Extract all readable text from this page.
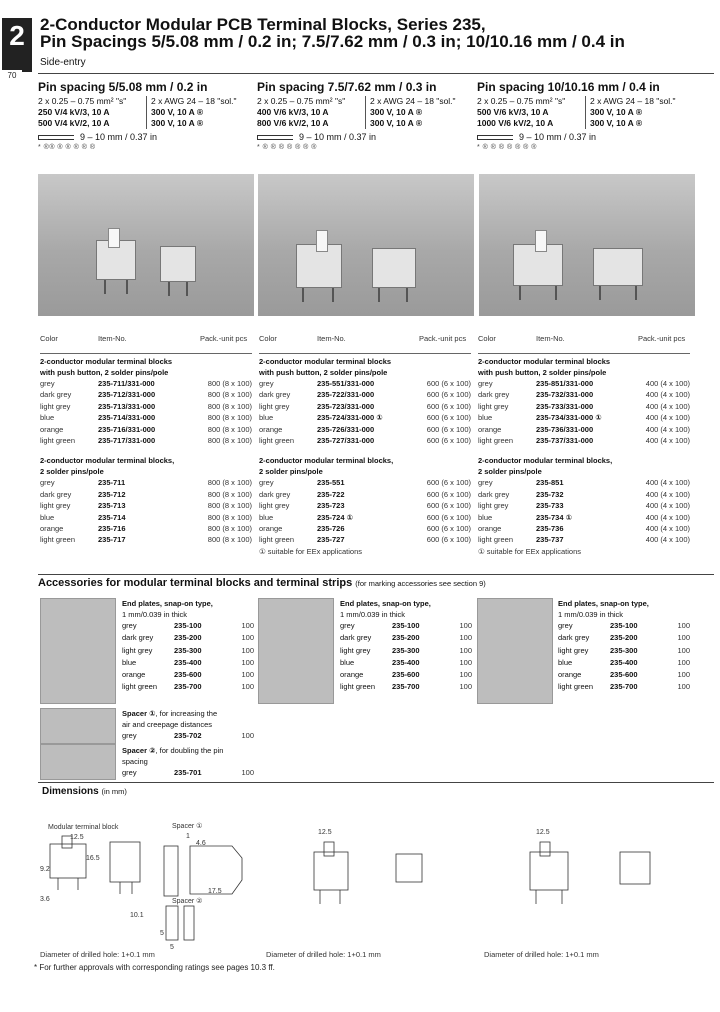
2
70
2-Conductor Modular PCB Terminal Blocks, Series 235,
Pin Spacings 5/5.08 mm / 0.2 in; 7.5/7.62 mm / 0.3 in; 10/10.16 mm / 0.4 in
Side-entry
Pin spacing 5/5.08 mm / 0.2 in
2 x 0.25 – 0.75 mm² "s"
250 V/4 kV/3, 10 A
500 V/4 kV/2, 10 A
2 x AWG 24 – 18 "sol."
300 V, 10 A ®
300 V, 10 A ®
9 – 10 mm / 0.37 in
* ®® ® ® ® ® ®
Pin spacing 7.5/7.62 mm / 0.3 in
2 x 0.25 – 0.75 mm² "s"
400 V/6 kV/3, 10 A
800 V/6 kV/2, 10 A
2 x AWG 24 – 18 "sol."
300 V, 10 A ®
300 V, 10 A ®
9 – 10 mm / 0.37 in
* ® ® ® ® ® ® ®
Pin spacing 10/10.16 mm / 0.4 in
2 x 0.25 – 0.75 mm² "s"
500 V/6 kV/3, 10 A
1000 V/6 kV/2, 10 A
2 x AWG 24 – 18 "sol."
300 V, 10 A ®
300 V, 10 A ®
9 – 10 mm / 0.37 in
* ® ® ® ® ® ® ®
Color	Item-No.	Pack.-unit pcs
2-conductor modular terminal blocks
with push button, 2 solder pins/pole
grey	235-711/331-000	800 (8 x 100)
dark grey	235-712/331-000	800 (8 x 100)
light grey	235-713/331-000	800 (8 x 100)
blue	235-714/331-000	800 (8 x 100)
orange	235-716/331-000	800 (8 x 100)
light green	235-717/331-000	800 (8 x 100)
2-conductor modular terminal blocks,
2 solder pins/pole
grey	235-711	800 (8 x 100)
dark grey	235-712	800 (8 x 100)
light grey	235-713	800 (8 x 100)
blue	235-714	800 (8 x 100)
orange	235-716	800 (8 x 100)
light green	235-717	800 (8 x 100)
Color	Item-No.	Pack.-unit pcs
2-conductor modular terminal blocks
with push button, 2 solder pins/pole
grey	235-551/331-000	600 (6 x 100)
dark grey	235-722/331-000	600 (6 x 100)
light grey	235-723/331-000	600 (6 x 100)
blue	235-724/331-000 ①	600 (6 x 100)
orange	235-726/331-000	600 (6 x 100)
light green	235-727/331-000	600 (6 x 100)
2-conductor modular terminal blocks,
2 solder pins/pole
grey	235-551	600 (6 x 100)
dark grey	235-722	600 (6 x 100)
light grey	235-723	600 (6 x 100)
blue	235-724 ①	600 (6 x 100)
orange	235-726	600 (6 x 100)
light green	235-727	600 (6 x 100)
① suitable for EEx applications
Color	Item-No.	Pack.-unit pcs
2-conductor modular terminal blocks
with push button, 2 solder pins/pole
grey	235-851/331-000	400 (4 x 100)
dark grey	235-732/331-000	400 (4 x 100)
light grey	235-733/331-000	400 (4 x 100)
blue	235-734/331-000 ①	400 (4 x 100)
orange	235-736/331-000	400 (4 x 100)
light green	235-737/331-000	400 (4 x 100)
2-conductor modular terminal blocks,
2 solder pins/pole
grey	235-851	400 (4 x 100)
dark grey	235-732	400 (4 x 100)
light grey	235-733	400 (4 x 100)
blue	235-734 ①	400 (4 x 100)
orange	235-736	400 (4 x 100)
light green	235-737	400 (4 x 100)
① suitable for EEx applications
Accessories for modular terminal blocks and terminal strips (for marking accessories see section 9)
End plates, snap-on type,
1 mm/0.039 in thick
grey	235-100	100
dark grey	235-200	100
light grey	235-300	100
blue	235-400	100
orange	235-600	100
light green	235-700	100
End plates, snap-on type,
1 mm/0.039 in thick
grey	235-100	100
dark grey	235-200	100
light grey	235-300	100
blue	235-400	100
orange	235-600	100
light green	235-700	100
End plates, snap-on type,
1 mm/0.039 in thick
grey	235-100	100
dark grey	235-200	100
light grey	235-300	100
blue	235-400	100
orange	235-600	100
light green	235-700	100
Spacer ①, for increasing the
air and creepage distances
grey	235-702	100
Spacer ②, for doubling the pin
spacing
grey	235-701	100
Dimensions (in mm)
Modular terminal block	Spacer ①
Spacer ②
12.5
16.5
9.2
3.6
17.5
5
1
4.6
5
10.1
12.5	12.5
Diameter of drilled hole: 1+0.1 mm	Diameter of drilled hole: 1+0.1 mm	Diameter of drilled hole: 1+0.1 mm
* For further approvals with corresponding ratings see pages 10.3 ff.
